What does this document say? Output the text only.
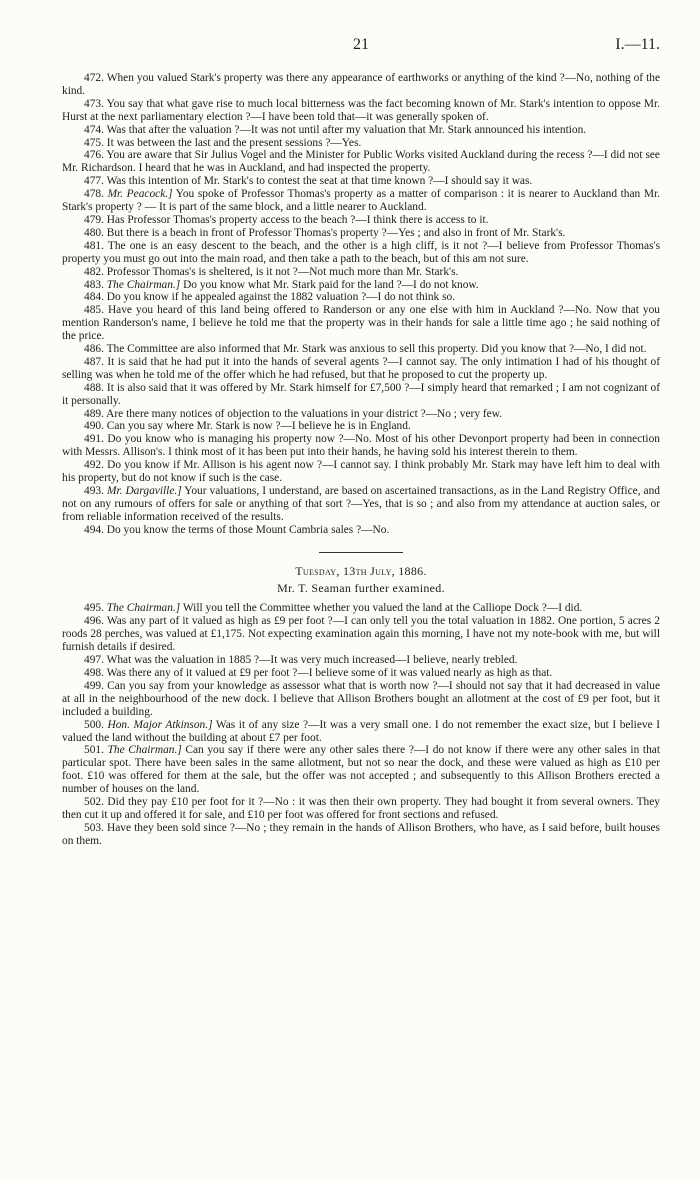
21	I.—11.

472. When you valued Stark's property was there any appearance of earthworks or anything of the kind ?—No, nothing of the kind.

473. You say that what gave rise to much local bitterness was the fact becoming known of Mr. Stark's intention to oppose Mr. Hurst at the next parliamentary election ?—I have been told that—it was generally spoken of.

474. Was that after the valuation ?—It was not until after my valuation that Mr. Stark announced his intention.

475. It was between the last and the present sessions ?—Yes.

476. You are aware that Sir Julius Vogel and the Minister for Public Works visited Auckland during the recess ?—I did not see Mr. Richardson. I heard that he was in Auckland, and had inspected the property.

477. Was this intention of Mr. Stark's to contest the seat at that time known ?—I should say it was.

478. Mr. Peacock.] You spoke of Professor Thomas's property as a matter of comparison : it is nearer to Auckland than Mr. Stark's property ? — It is part of the same block, and a little nearer to Auckland.

479. Has Professor Thomas's property access to the beach ?—I think there is access to it.

480. But there is a beach in front of Professor Thomas's property ?—Yes ; and also in front of Mr. Stark's.

481. The one is an easy descent to the beach, and the other is a high cliff, is it not ?—I believe from Professor Thomas's property you must go out into the main road, and then take a path to the beach, but of this am not sure.

482. Professor Thomas's is sheltered, is it not ?—Not much more than Mr. Stark's.

483. The Chairman.] Do you know what Mr. Stark paid for the land ?—I do not know.

484. Do you know if he appealed against the 1882 valuation ?—I do not think so.

485. Have you heard of this land being offered to Randerson or any one else with him in Auckland ?—No. Now that you mention Randerson's name, I believe he told me that the property was in their hands for sale a little time ago ; he said nothing of the price.

486. The Committee are also informed that Mr. Stark was anxious to sell this property. Did you know that ?—No, I did not.

487. It is said that he had put it into the hands of several agents ?—I cannot say. The only intimation I had of his thought of selling was when he told me of the offer which he had refused, but that he proposed to cut the property up.

488. It is also said that it was offered by Mr. Stark himself for £7,500 ?—I simply heard that remarked ; I am not cognizant of it personally.

489. Are there many notices of objection to the valuations in your district ?—No ; very few.

490. Can you say where Mr. Stark is now ?—I believe he is in England.

491. Do you know who is managing his property now ?—No. Most of his other Devonport property had been in connection with Messrs. Allison's. I think most of it has been put into their hands, he having sold his interest therein to them.

492. Do you know if Mr. Allison is his agent now ?—I cannot say. I think probably Mr. Stark may have left him to deal with his property, but do not know if such is the case.

493. Mr. Dargaville.] Your valuations, I understand, are based on ascertained transactions, as in the Land Registry Office, and not on any rumours of offers for sale or anything of that sort ?—Yes, that is so ; and also from my attendance at auction sales, or from reliable information received of the results.

494. Do you know the terms of those Mount Cambria sales ?—No.

Tuesday, 13th July, 1886.

Mr. T. Seaman further examined.

495. The Chairman.] Will you tell the Committee whether you valued the land at the Calliope Dock ?—I did.

496. Was any part of it valued as high as £9 per foot ?—I can only tell you the total valuation in 1882. One portion, 5 acres 2 roods 28 perches, was valued at £1,175. Not expecting examination again this morning, I have not my note-book with me, but will furnish details if desired.

497. What was the valuation in 1885 ?—It was very much increased—I believe, nearly trebled.

498. Was there any of it valued at £9 per foot ?—I believe some of it was valued nearly as high as that.

499. Can you say from your knowledge as assessor what that is worth now ?—I should not say that it had decreased in value at all in the neighbourhood of the new dock. I believe that Allison Brothers bought an allotment at the cost of £9 per foot, but it included a building.

500. Hon. Major Atkinson.] Was it of any size ?—It was a very small one. I do not remember the exact size, but I believe I valued the land without the building at about £7 per foot.

501. The Chairman.] Can you say if there were any other sales there ?—I do not know if there were any other sales in that particular spot. There have been sales in the same allotment, but not so near the dock, and these were valued as high as £10 per foot. £10 was offered for them at the sale, but the offer was not accepted ; and subsequently to this Allison Brothers erected a number of houses on the land.

502. Did they pay £10 per foot for it ?—No : it was then their own property. They had bought it from several owners. They then cut it up and offered it for sale, and £10 per foot was offered for front sections and refused.

503. Have they been sold since ?—No ; they remain in the hands of Allison Brothers, who have, as I said before, built houses on them.
